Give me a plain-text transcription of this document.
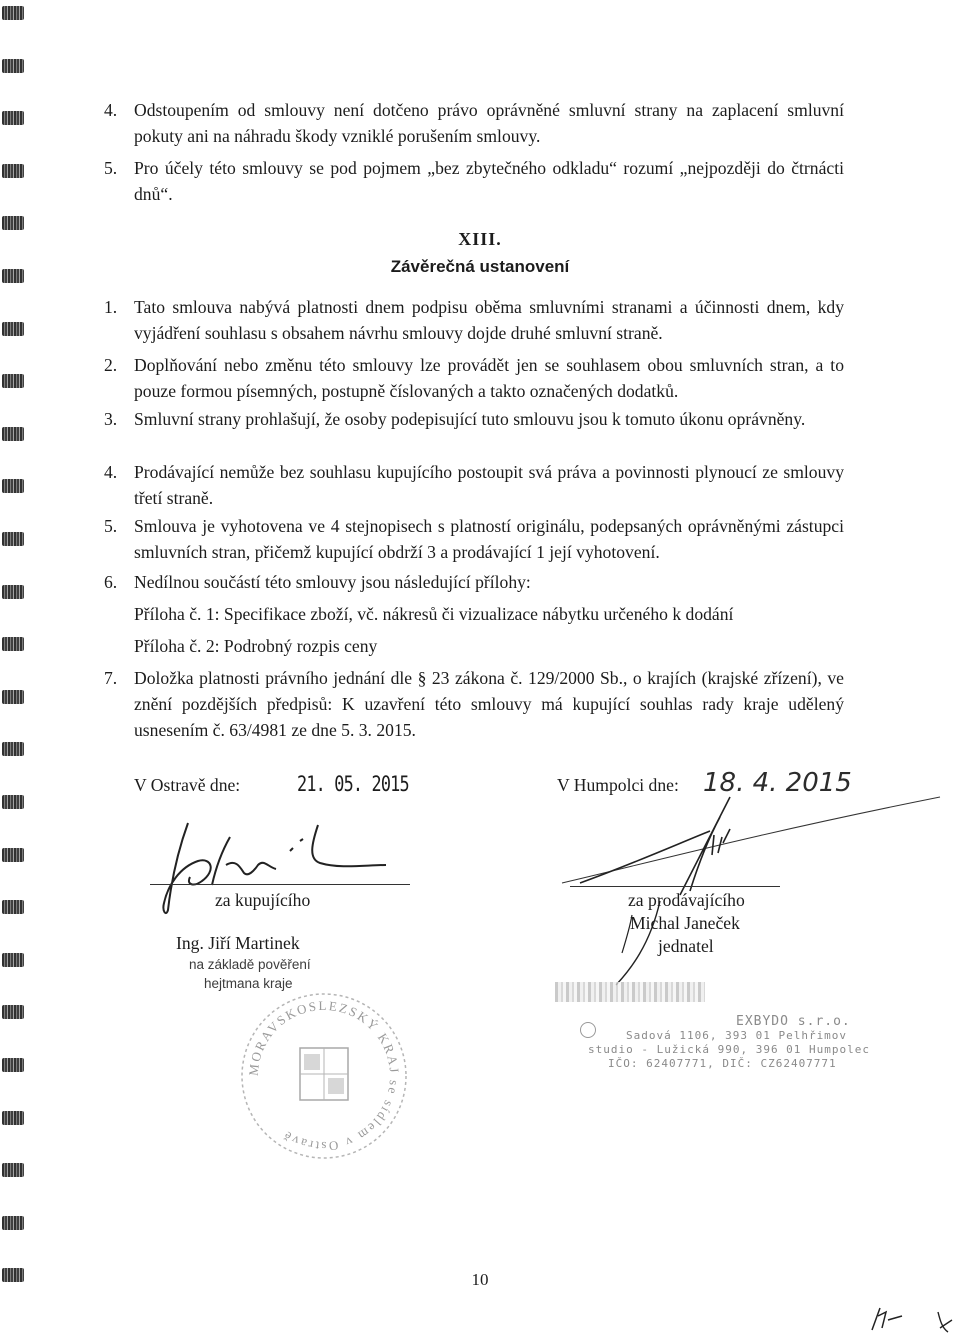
4. Odstoupením od smlouvy není dotčeno právo oprávněné smluvní strany na zaplacení smluvní pokuty ani na náhradu škody vzniklé porušením smlouvy.
5. Pro účely této smlouvy se pod pojmem „bez zbytečného odkladu“ rozumí „nejpozději do čtrnácti dnů“.
XIII.
Závěrečná ustanovení
1. Tato smlouva nabývá platnosti dnem podpisu oběma smluvními stranami a účinnosti dnem, kdy vyjádření souhlasu s obsahem návrhu smlouvy dojde druhé smluvní straně.
2. Doplňování nebo změnu této smlouvy lze provádět jen se souhlasem obou smluvních stran, a to pouze formou písemných, postupně číslovaných a takto označených dodatků.
3. Smluvní strany prohlašují, že osoby podepisující tuto smlouvu jsou k tomuto úkonu oprávněny.
4. Prodávající nemůže bez souhlasu kupujícího postoupit svá práva a povinnosti plynoucí ze smlouvy třetí straně.
5. Smlouva je vyhotovena ve 4 stejnopisech s platností originálu, podepsaných oprávněnými zástupci smluvních stran, přičemž kupující obdrží 3 a prodávající 1 její vyhotovení.
6. Nedílnou součástí této smlouvy jsou následující přílohy:
Příloha č. 1: Specifikace zboží, vč. nákresů či vizualizace nábytku určeného k dodání
Příloha č. 2: Podrobný rozpis ceny
7. Doložka platnosti právního jednání dle § 23 zákona č. 129/2000 Sb., o krajích (krajské zřízení), ve znění pozdějších předpisů: K uzavření této smlouvy má kupující souhlas rady kraje udělený usnesením č. 63/4981 ze dne 5. 3. 2015.
V Ostravě dne:	21. 05. 2015
za kupujícího
Ing. Jiří Martinek
na základě pověření
hejtmana kraje
MORAVSKOSLEZSKÝ KRAJ se sídlem v Ostravě
V Humpolci dne: 18. 4. 2015
za prodávajícího
Michal Janeček
jednatel
EXBYDO s.r.o.
Sadová 1106, 393 01 Pelhřimov
studio - Lužická 990, 396 01 Humpolec
IČO: 62407771, DIČ: CZ62407771
10
